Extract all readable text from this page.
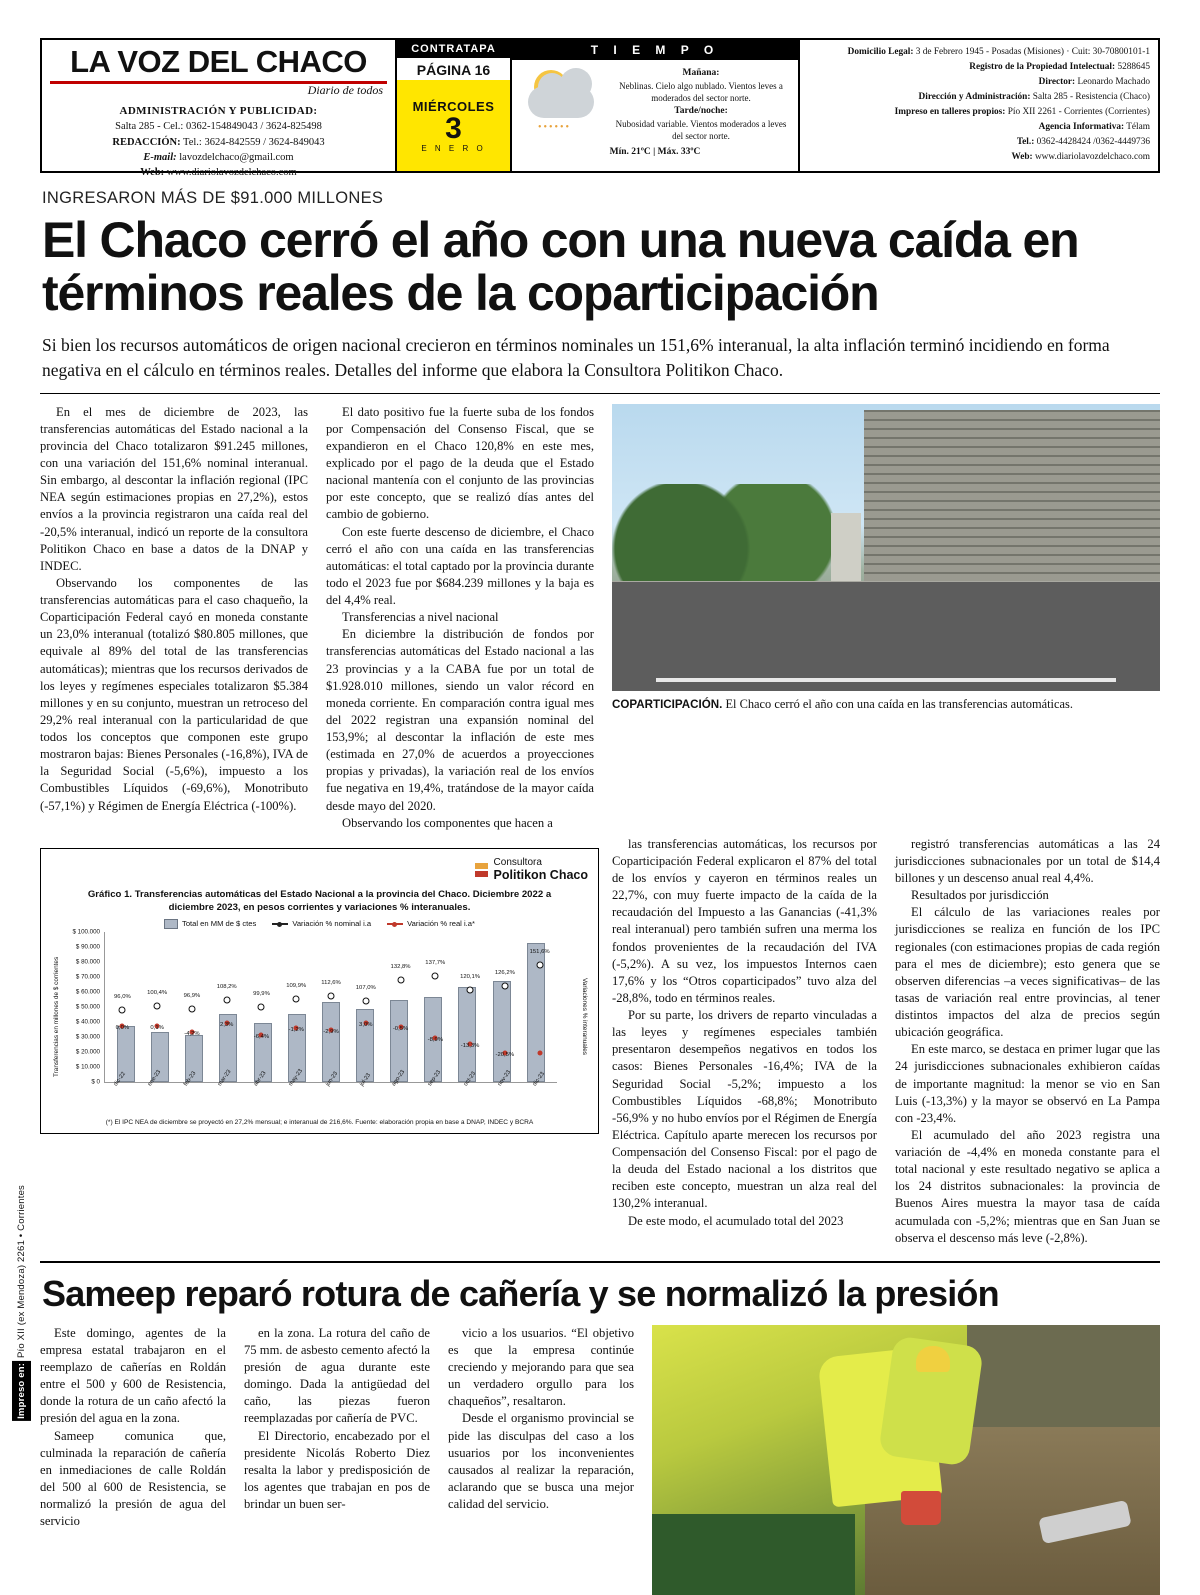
LA VOZ DEL CHACO
Diario de todos
ADMINISTRACIÓN Y PUBLICIDAD:
Salta 285 - Cel.: 0362-154849043 / 3624-825498
REDACCIÓN: Tel.: 3624-842559 / 3624-849043
E-mail: lavozdelchaco@gmail.com
Web: www.diariolavozdelchaco.com
CONTRATAPA
PÁGINA 16
MIÉRCOLES
3
E N E R O
T I E M P O
••••••
Mañana:
Neblinas. Cielo algo nublado. Vientos leves a moderados del sector norte.
Tarde/noche:
Nubosidad variable. Vientos moderados a leves del sector norte.
Mín. 21ºC | Máx. 33ºC
Domicilio Legal: 3 de Febrero 1945 - Posadas (Misiones) · Cuit: 30-70800101-1
Registro de la Propiedad Intelectual: 5288645
Director: Leonardo Machado
Dirección y Administración: Salta 285 - Resistencia (Chaco)
Impreso en talleres propios: Pío XII 2261 - Corrientes (Corrientes)
Agencia Informativa: Télam
Tel.: 0362-4428424 /0362-4449736
Web: www.diariolavozdelchaco.com
INGRESARON MÁS DE $91.000 MILLONES
El Chaco cerró el año con una nueva caída en términos reales de la coparticipación
Si bien los recursos automáticos de origen nacional crecieron en términos nominales un 151,6% interanual, la alta inflación terminó incidiendo en forma negativa en el cálculo en términos reales. Detalles del informe que elabora la Consultora Politikon Chaco.

En el mes de diciembre de 2023, las transferencias automáticas del Estado nacional a la provincia del Chaco totalizaron $91.245 millones, con una variación del 151,6% nominal interanual. Sin embargo, al descontar la inflación regional (IPC NEA según estimaciones propias en 27,2%), estos envíos a la provincia registraron una caída real del -20,5% interanual, indicó un reporte de la consultora Politikon Chaco en base a datos de la DNAP y INDEC.

Observando los componentes de las transferencias automáticas para el caso chaqueño, la Coparticipación Federal cayó en moneda constante un 23,0% interanual (totalizó $80.805 millones, que equivale al 89% del total de las transferencias automáticas); mientras que los recursos derivados de los leyes y regímenes especiales totalizaron $5.384 millones y en su conjunto, muestran un retroceso del 29,2% real interanual con la particularidad de que todos los conceptos que componen este grupo mostraron bajas: Bienes Personales (-16,8%), IVA de la Seguridad Social (-5,6%), impuesto a los Combustibles Líquidos (-69,6%), Monotributo (-57,1%) y Régimen de Energía Eléctrica (-100%).

El dato positivo fue la fuerte suba de los fondos por Compensación del Consenso Fiscal, que se expandieron en el Chaco 120,8% en este mes, explicado por el pago de la deuda que el Estado nacional mantenía con el conjunto de las provincias por este concepto, que se realizó días antes del cambio de gobierno.

Con este fuerte descenso de diciembre, el Chaco cerró el año con una caída en las transferencias automáticas: el total captado por la provincia durante todo el 2023 fue por $684.239 millones y la baja es del 4,4% real.

Transferencias a nivel nacional

En diciembre la distribución de fondos por transferencias automáticas del Estado nacional a las 23 provincias y a la CABA fue por un total de $1.928.010 millones, siendo un valor récord en moneda corriente. En comparación contra igual mes del 2022 registran una expansión nominal del 153,9%; al descontar la inflación de este mes (estimada en 27,0% de acuerdos a proyecciones propias y privadas), la variación real de los envíos fue negativa en 19,4%, tratándose de la mayor caída desde mayo del 2020.

Observando los componentes que hacen a

COPARTICIPACIÓN. El Chaco cerró el año con una caída en las transferencias automáticas.
Consultora
Politikon Chaco
Gráfico 1. Transferencias automáticas del Estado Nacional a la provincia del Chaco. Diciembre 2022 a diciembre 2023, en pesos corrientes y variaciones % interanuales.
Total en MM de $ ctes	Variación % nominal i.a	Variación % real i.a*
Transferencias en millones de $ corrientes
$ 100.000
$ 90.000
$ 80.000
$ 70.000
$ 60.000
$ 50.000
$ 40.000
$ 30.000
$ 20.000
$ 10.000
$ 0
96,0%
100,4%	96,9%
108,2%
99,9%
109,9%	112,6%
107,0%
132,8%
137,7%
120,1%
126,2%
151,6%
0,0%	0,1%
-4,2%
2,3%
-6,4%
-1,2%	-2,9%
3,0%
-0,5%
-8,9%
-13,3%
-20,5%
dic-22	ene-23	feb-23	mar-23	abr-23	may-23	jun-23	jul-23	ago-23	sep-23	oct-23	nov-23	dic-23
Variaciones % interanuales
(*) El IPC NEA de diciembre se proyectó en 27,2% mensual; e interanual de 216,6%. Fuente: elaboración propia en base a DNAP, INDEC y BCRA

las transferencias automáticas, los recursos por Coparticipación Federal explicaron el 87% del total de los envíos y cayeron en términos reales un 22,7%, con muy fuerte impacto de la caída de la recaudación del Impuesto a las Ganancias (-41,3% real interanual) pero también sufren una merma los fondos provenientes de la recaudación del IVA (-5,2%). A su vez, los impuestos Internos caen 17,6% y los “Otros coparticipados” tuvo alza del -28,8%, todo en términos reales.

Por su parte, los drivers de reparto vinculadas a las leyes y regímenes especiales también presentaron desempeños negativos en todos los casos: Bienes Personales -16,4%; IVA de la Seguridad Social -5,2%; impuesto a los Combustibles Líquidos -68,8%; Monotributo -56,9% y no hubo envíos por el Régimen de Energía Eléctrica. Capítulo aparte merecen los recursos por Compensación del Consenso Fiscal: por el pago de la deuda del Estado nacional a los distritos que reciben este concepto, muestran un alza real del 130,2% interanual.

De este modo, el acumulado total del 2023

registró transferencias automáticas a las 24 jurisdicciones subnacionales por un total de $14,4 billones y un descenso anual real 4,4%.

Resultados por jurisdicción

El cálculo de las variaciones reales por jurisdicciones se realiza en función de los IPC regionales (con estimaciones propias de cada región para el mes de diciembre); esto genera que se observen diferencias –a veces significativas– de las tasas de variación real entre provincias, al tener distintos impactos del alza de precios según ubicación geográfica.

En este marco, se destaca en primer lugar que las 24 jurisdicciones subnacionales exhibieron caídas de importante magnitud: la menor se vio en San Luis (-13,3%) y la mayor se observó en La Pampa con -23,4%.

El acumulado del año 2023 registra una variación de -4,4% en moneda constante para el total nacional y este resultado negativo se aplica a los 24 distritos subnacionales: la provincia de Buenos Aires muestra la mayor tasa de caída acumulada con -5,2%; mientras que en San Juan se observa el descenso más leve (-2,8%).

Sameep reparó rotura de cañería y se normalizó la presión

Este domingo, agentes de la empresa estatal trabajaron en el reemplazo de cañerías en Roldán entre el 500 y 600 de Resistencia, donde la rotura de un caño afectó la presión del agua en la zona.

Sameep comunica que, culminada la reparación de cañería en inmediaciones de calle Roldán del 500 al 600 de Resistencia, se normalizó la presión de agua del servicio

en la zona. La rotura del caño de 75 mm. de asbesto cemento afectó la presión de agua durante este domingo. Dada la antigüedad del caño, las piezas fueron reemplazadas por cañería de PVC.

El Directorio, encabezado por el presidente Nicolás Roberto Diez resalta la labor y predisposición de los agentes que trabajan en pos de brindar un buen ser-

vicio a los usuarios. “El objetivo es que la empresa continúe creciendo y mejorando para que sea un verdadero orgullo para los chaqueños”, resaltaron.

Desde el organismo provincial se pide las disculpas del caso a los usuarios por los inconvenientes causados al realizar la reparación, aclarando que se busca una mejor calidad del servicio.

Impreso en: Pío XII (ex Mendoza) 2261 • Corrientes
